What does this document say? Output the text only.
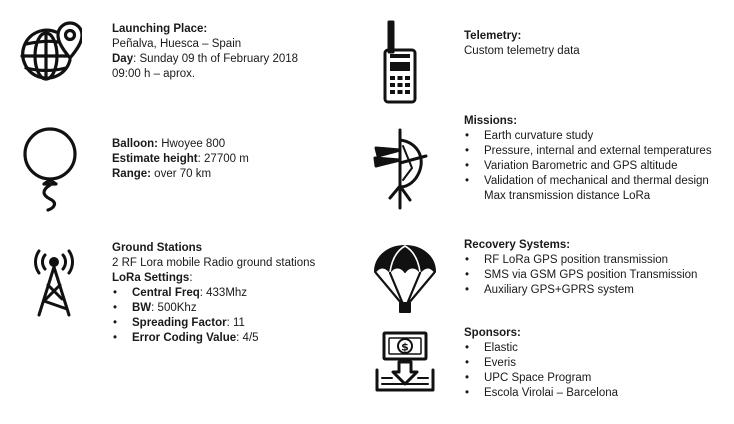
$
Launching Place:
Peñalva, Huesca – Spain
Day: Sunday 09 th of February 2018
09:00 h – aprox.
Balloon: Hwoyee 800
Estimate height: 27700 m
Range: over 70 km
Ground Stations
2 RF Lora mobile Radio ground stations
LoRa Settings:
• Central Freq: 433Mhz
• BW: 500Khz
• Spreading Factor: 11
• Error Coding Value: 4/5
Telemetry:
Custom telemetry data
Missions:
• Earth curvature study
• Pressure, internal and external temperatures
• Variation Barometric and GPS altitude
• Validation of mechanical and thermal design
Max transmission distance LoRa
Recovery Systems:
• RF LoRa GPS position transmission
• SMS via GSM GPS position Transmission
• Auxiliary GPS+GPRS system
Sponsors:
• Elastic
• Everis
• UPC Space Program
• Escola Virolai – Barcelona
